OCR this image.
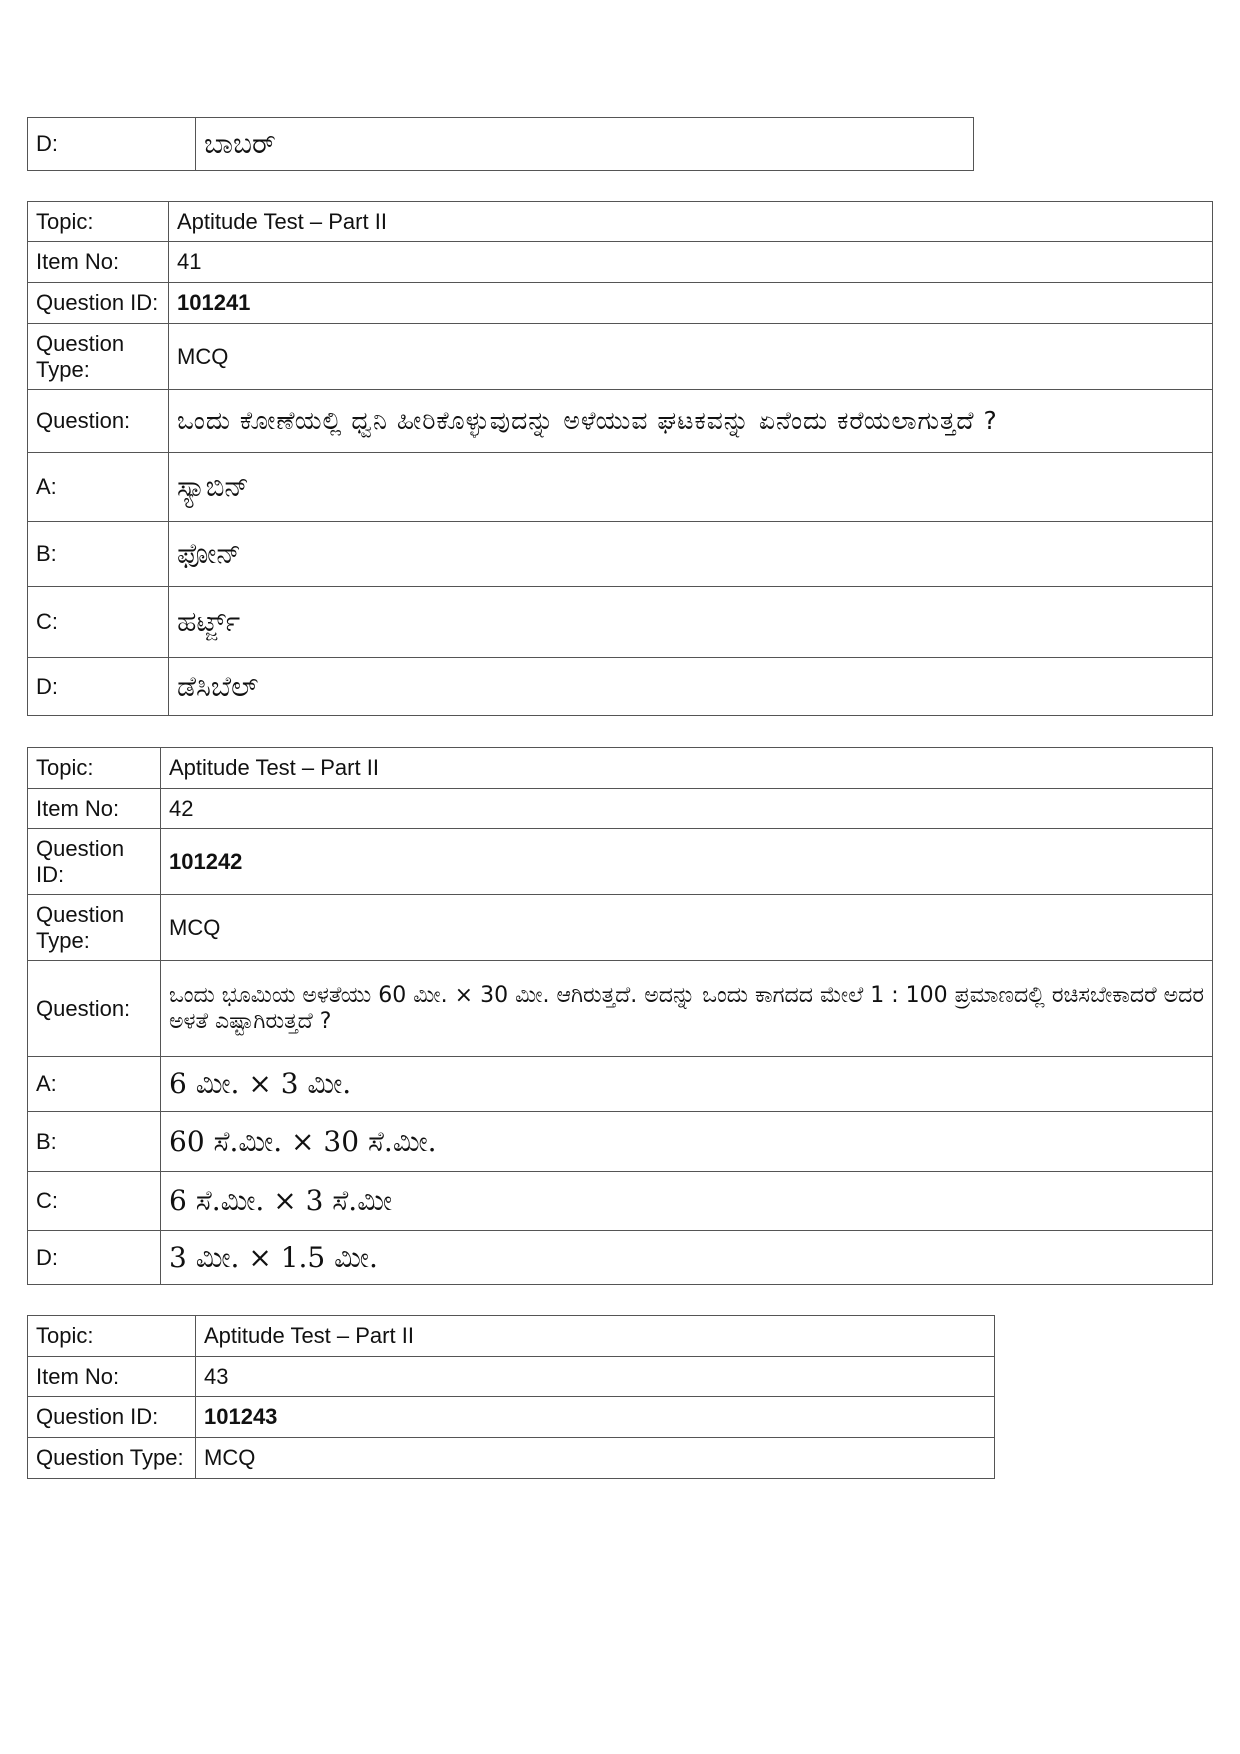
D:	ಬಾಬರ್
Topic:	Aptitude Test – Part II
Item No:	41
Question ID:	101241
Question Type:	MCQ
Question:	ಒಂದು ಕೋಣೆಯಲ್ಲಿ ಧ್ವನಿ ಹೀರಿಕೊಳ್ಳುವುದನ್ನು ಅಳೆಯುವ ಘಟಕವನ್ನು ಏನೆಂದು ಕರೆಯಲಾಗುತ್ತದೆ ?
A:	ಸ್ಯಾಬಿನ್
B:	ಫೋನ್
C:	ಹರ್ಟ್ಜ್
D:	ಡೆಸಿಬೆಲ್
Topic:	Aptitude Test – Part II
Item No:	42
Question ID:	101242
Question Type:	MCQ
Question:	ಒಂದು ಭೂಮಿಯ ಅಳತೆಯು 60 ಮೀ. × 30 ಮೀ. ಆಗಿರುತ್ತದೆ. ಅದನ್ನು ಒಂದು ಕಾಗದದ ಮೇಲೆ 1 : 100 ಪ್ರಮಾಣದಲ್ಲಿ ರಚಿಸಬೇಕಾದರೆ ಅದರ ಅಳತೆ ಎಷ್ಟಾಗಿರುತ್ತದೆ ?
A:	6 ಮೀ. × 3 ಮೀ.
B:	60 ಸೆ.ಮೀ. × 30 ಸೆ.ಮೀ.
C:	6 ಸೆ.ಮೀ. × 3 ಸೆ.ಮೀ
D:	3 ಮೀ. × 1.5 ಮೀ.
Topic:	Aptitude Test – Part II
Item No:	43
Question ID:	101243
Question Type:	MCQ
